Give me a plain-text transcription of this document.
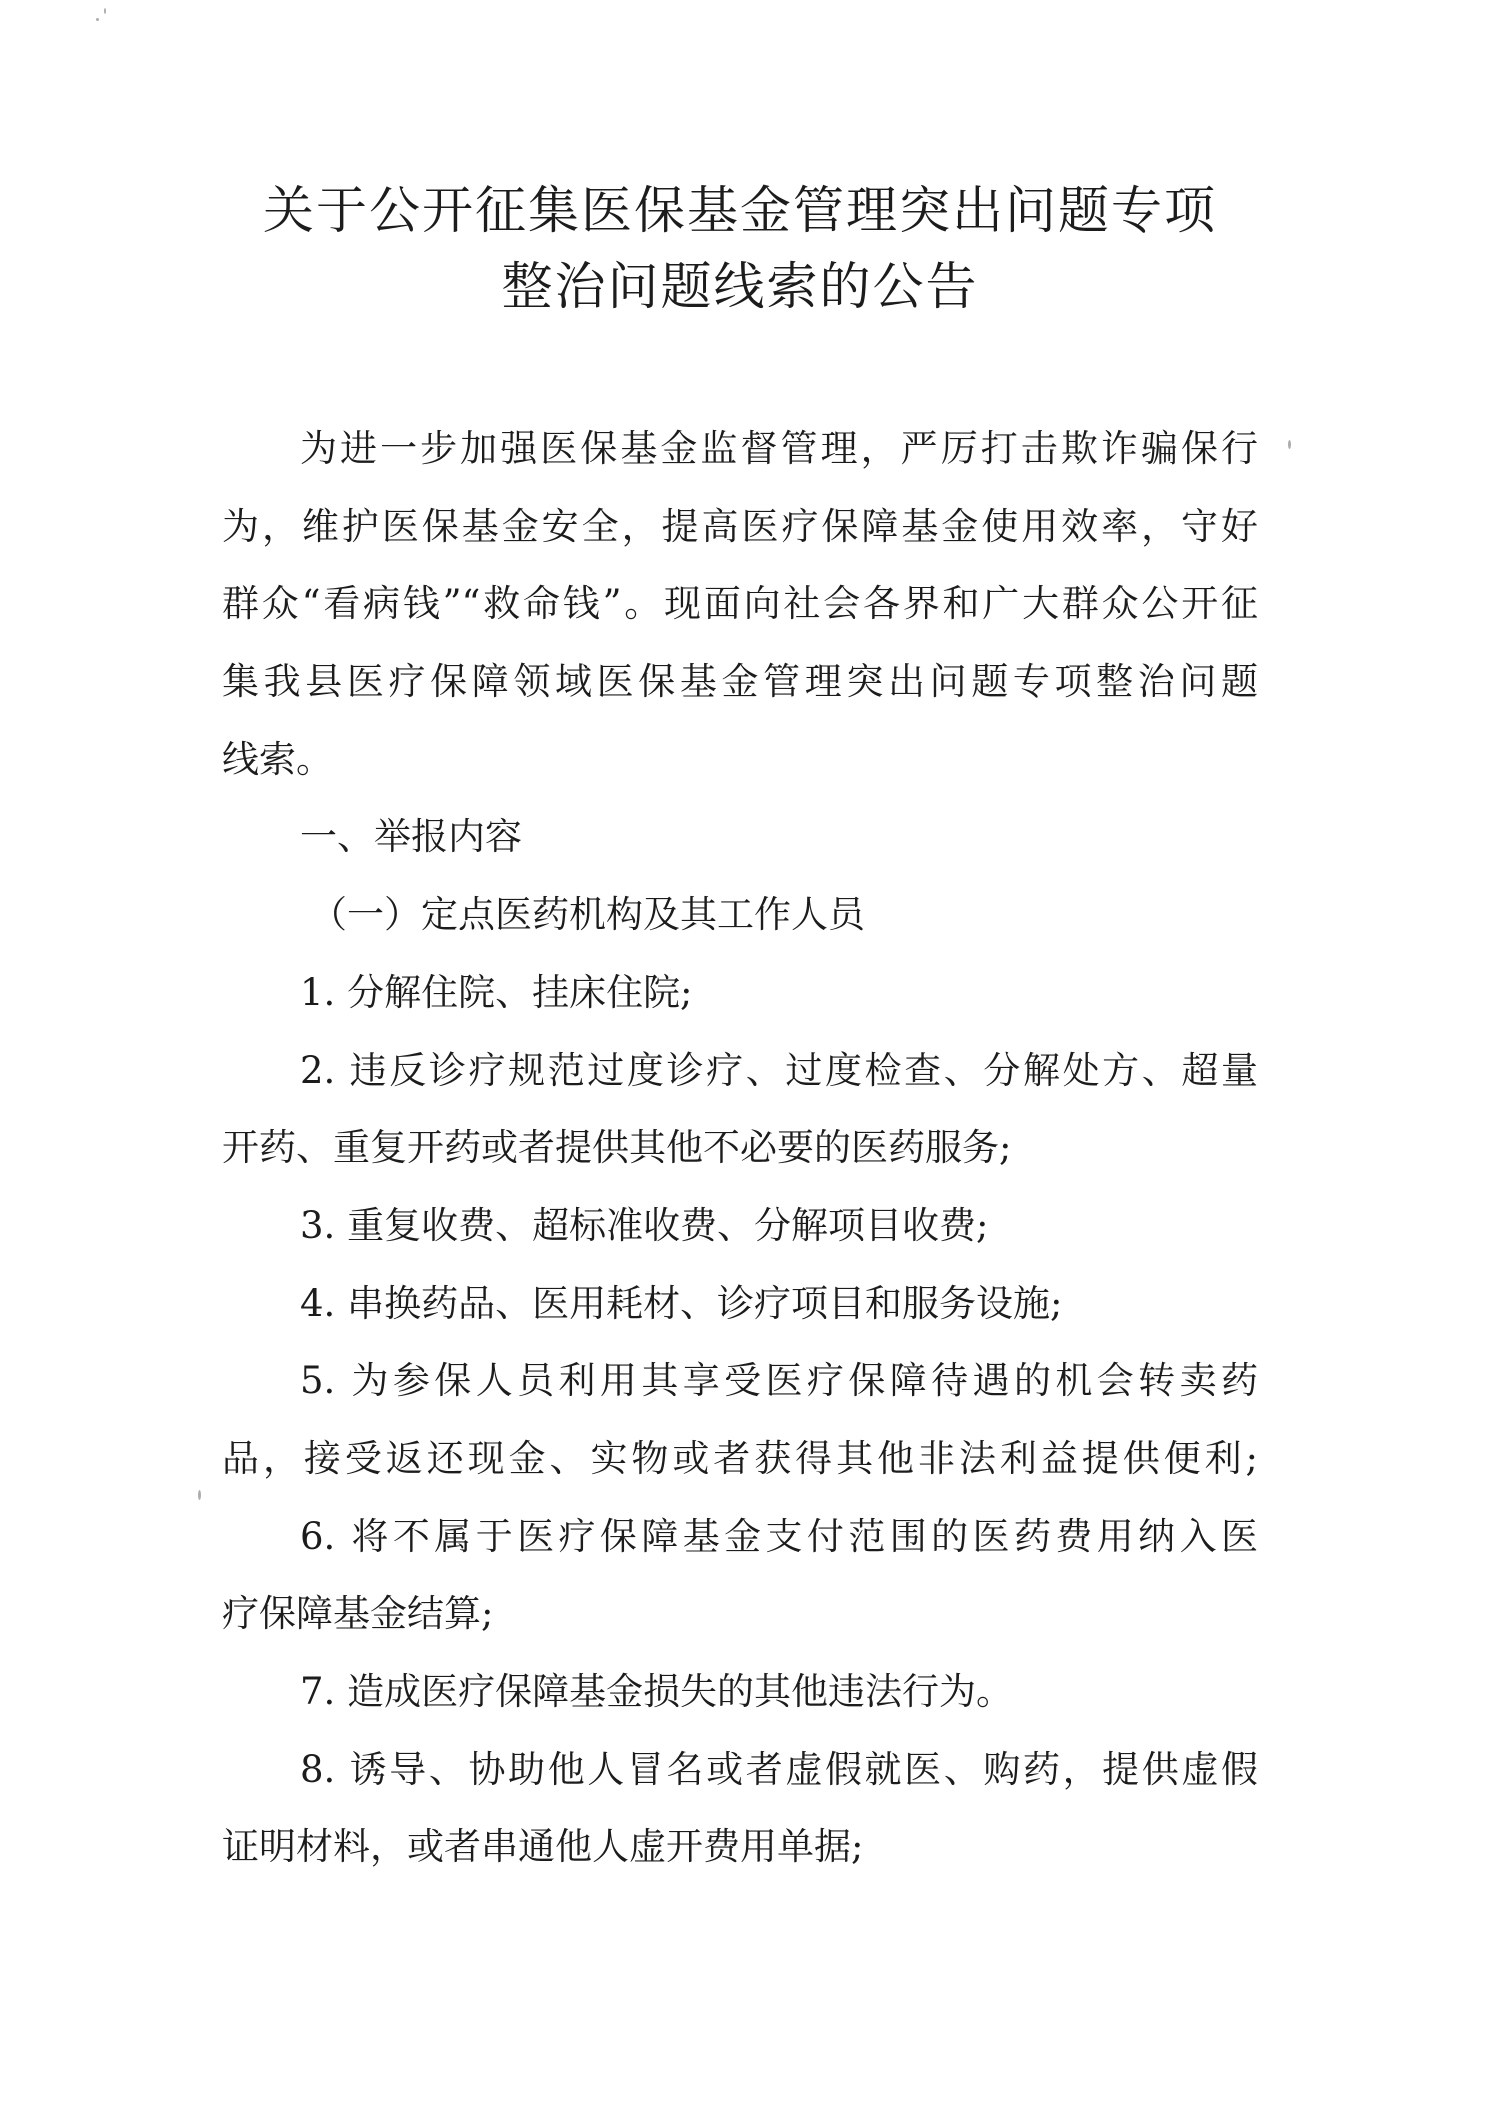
关于公开征集医保基金管理突出问题专项
整治问题线索的公告

为进一步加强医保基金监督管理，严厉打击欺诈骗保行

为，维护医保基金安全，提高医疗保障基金使用效率，守好

群众“看病钱”“救命钱”。现面向社会各界和广大群众公开征

集我县医疗保障领域医保基金管理突出问题专项整治问题

线索。

一、举报内容
（一）定点医药机构及其工作人员

1. 分解住院、挂床住院;

2. 违反诊疗规范过度诊疗、过度检查、分解处方、超量

开药、重复开药或者提供其他不必要的医药服务;

3. 重复收费、超标准收费、分解项目收费;

4. 串换药品、医用耗材、诊疗项目和服务设施;

5. 为参保人员利用其享受医疗保障待遇的机会转卖药

品，接受返还现金、实物或者获得其他非法利益提供便利;

6. 将不属于医疗保障基金支付范围的医药费用纳入医

疗保障基金结算;

7. 造成医疗保障基金损失的其他违法行为。

8. 诱导、协助他人冒名或者虚假就医、购药，提供虚假

证明材料，或者串通他人虚开费用单据;
